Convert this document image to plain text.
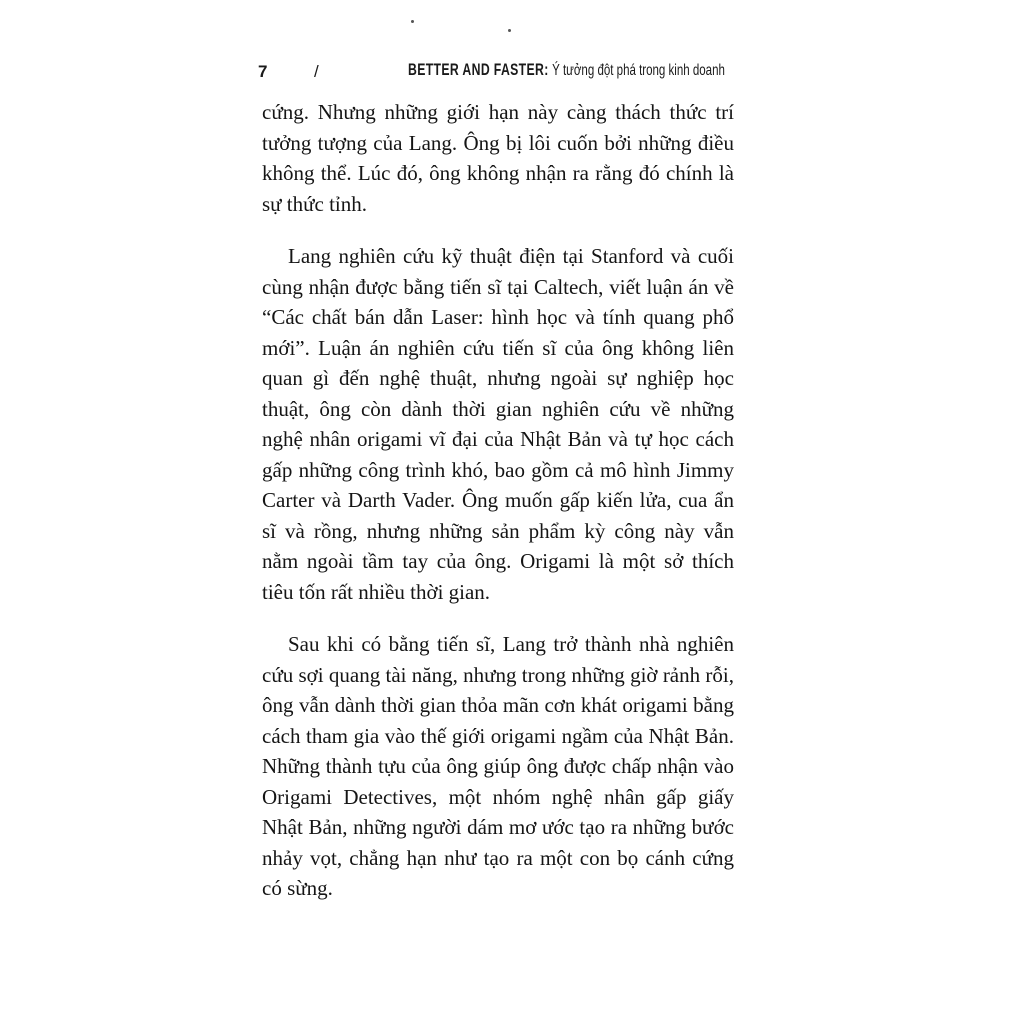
7	/	BETTER AND FASTER: Ý tưởng đột phá trong kinh doanh

cứng. Nhưng những giới hạn này càng thách thức trí tưởng tượng của Lang. Ông bị lôi cuốn bởi những điều không thể. Lúc đó, ông không nhận ra rằng đó chính là sự thức tỉnh.

Lang nghiên cứu kỹ thuật điện tại Stanford và cuối cùng nhận được bằng tiến sĩ tại Caltech, viết luận án về “Các chất bán dẫn Laser: hình học và tính quang phổ mới”. Luận án nghiên cứu tiến sĩ của ông không liên quan gì đến nghệ thuật, nhưng ngoài sự nghiệp học thuật, ông còn dành thời gian nghiên cứu về những nghệ nhân origami vĩ đại của Nhật Bản và tự học cách gấp những công trình khó, bao gồm cả mô hình Jimmy Carter và Darth Vader. Ông muốn gấp kiến lửa, cua ẩn sĩ và rồng, nhưng những sản phẩm kỳ công này vẫn nằm ngoài tầm tay của ông. Origami là một sở thích tiêu tốn rất nhiều thời gian.

Sau khi có bằng tiến sĩ, Lang trở thành nhà nghiên cứu sợi quang tài năng, nhưng trong những giờ rảnh rỗi, ông vẫn dành thời gian thỏa mãn cơn khát origami bằng cách tham gia vào thế giới origami ngầm của Nhật Bản. Những thành tựu của ông giúp ông được chấp nhận vào Origami Detectives, một nhóm nghệ nhân gấp giấy Nhật Bản, những người dám mơ ước tạo ra những bước nhảy vọt, chẳng hạn như tạo ra một con bọ cánh cứng có sừng.
